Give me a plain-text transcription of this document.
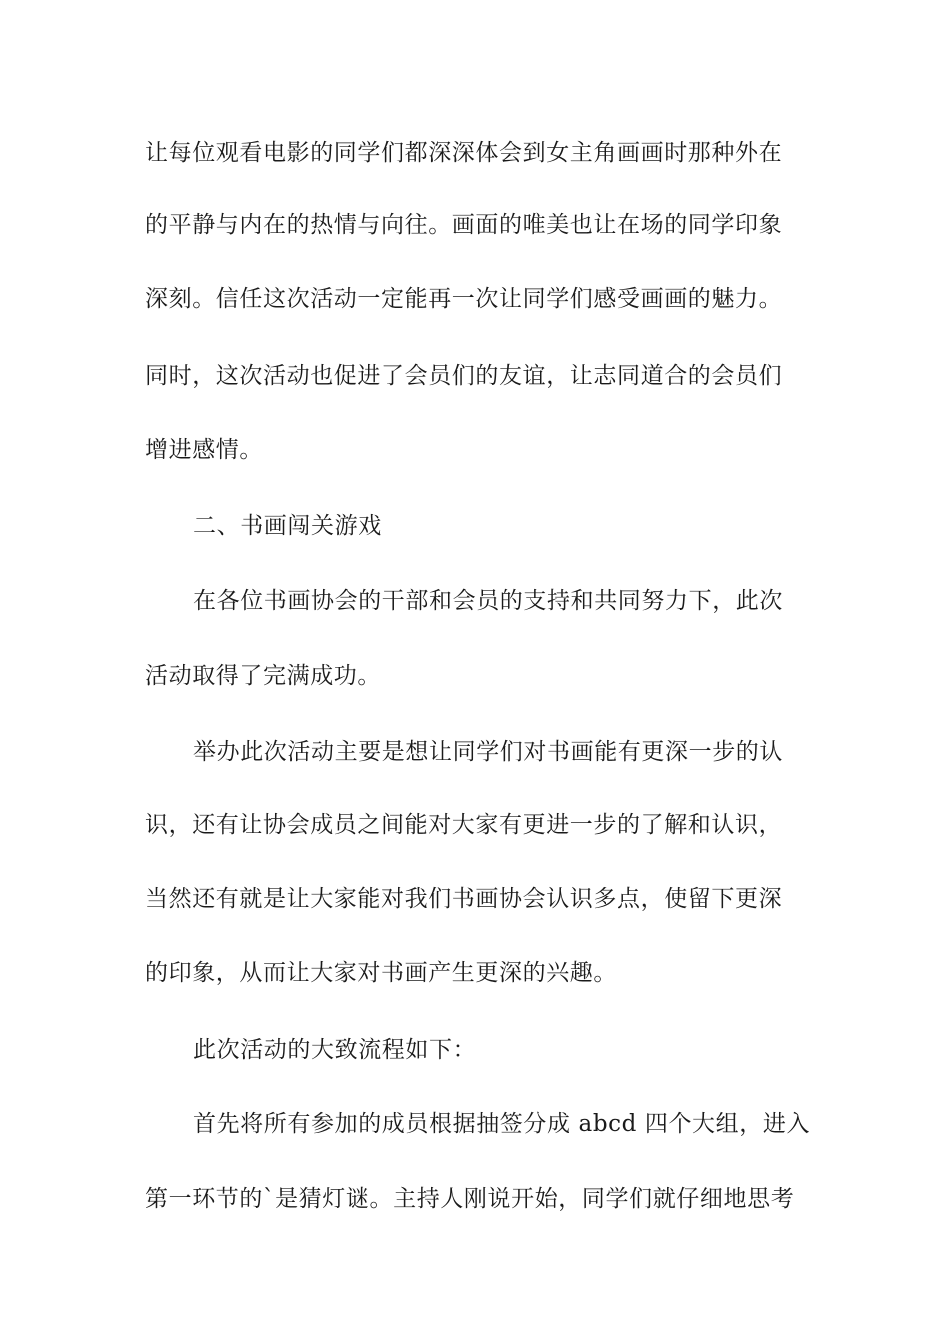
让每位观看电影的同学们都深深体会到女主角画画时那种外在
的平静与内在的热情与向往。画面的唯美也让在场的同学印象
深刻。信任这次活动一定能再一次让同学们感受画画的魅力。
同时，这次活动也促进了会员们的友谊，让志同道合的会员们
增进感情。
二、书画闯关游戏
在各位书画协会的干部和会员的支持和共同努力下，此次
活动取得了完满成功。
举办此次活动主要是想让同学们对书画能有更深一步的认
识，还有让协会成员之间能对大家有更进一步的了解和认识，
当然还有就是让大家能对我们书画协会认识多点，使留下更深
的印象，从而让大家对书画产生更深的兴趣。
此次活动的大致流程如下：
首先将所有参加的成员根据抽签分成 abcd 四个大组，进入
第一环节的`是猜灯谜。主持人刚说开始，同学们就仔细地思考
